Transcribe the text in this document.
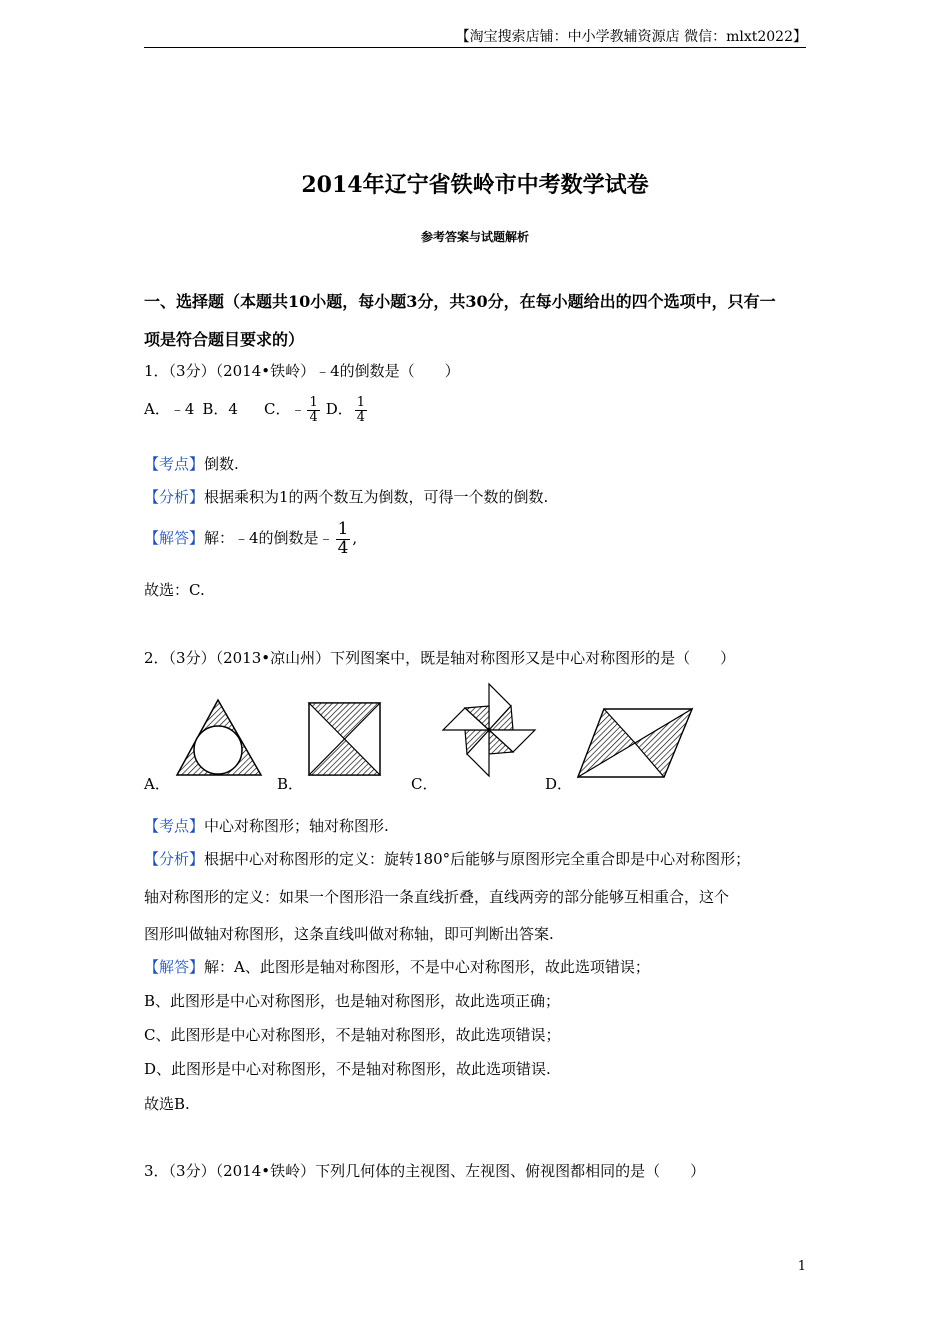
【淘宝搜索店铺：中小学教辅资源店 微信：mlxt2022】
2014年辽宁省铁岭市中考数学试卷
参考答案与试题解析
一、选择题（本题共10小题，每小题3分，共30分，在每小题给出的四个选项中，只有一
项是符合题目要求的）
1．（3分）（2014•铁岭）﹣4的倒数是（　　）
A．﹣4 B．4 C．﹣ $\frac{1}{4}$ D． $\frac{1}{4}$
【考点】倒数.
【分析】根据乘积为1的两个数互为倒数，可得一个数的倒数.
【解答】解：﹣4的倒数是﹣ $\frac{1}{4}$ ,
故选：C.
2．（3分）（2013•凉山州）下列图案中，既是轴对称图形又是中心对称图形的是（　　）
A．	B．	C．	D．
【考点】中心对称图形；轴对称图形.
【分析】根据中心对称图形的定义：旋转180°后能够与原图形完全重合即是中心对称图形；
轴对称图形的定义：如果一个图形沿一条直线折叠，直线两旁的部分能够互相重合，这个
图形叫做轴对称图形，这条直线叫做对称轴，即可判断出答案.
【解答】解：A、此图形是轴对称图形，不是中心对称图形，故此选项错误；
B、此图形是中心对称图形，也是轴对称图形，故此选项正确；
C、此图形是中心对称图形，不是轴对称图形，故此选项错误；
D、此图形是中心对称图形，不是轴对称图形，故此选项错误.
故选B.
3．（3分）（2014•铁岭）下列几何体的主视图、左视图、俯视图都相同的是（　　）
1
